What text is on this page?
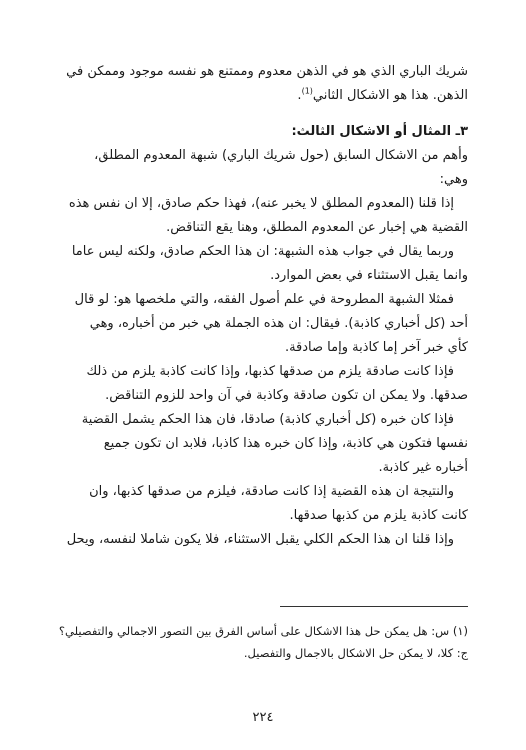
شريك الباري الذي هو في الذهن معدوم وممتنع هو نفسه موجود وممكن في

الذهن. هذا هو الاشكال الثاني$^{(1)}$.

٣ـ المثال أو الاشكال الثالث:

وأهم من الاشكال السابق (حول شريك الباري) شبهة المعدوم المطلق،

وهي:

إذا قلنا (المعدوم المطلق لا يخبر عنه)، فهذا حكم صادق، إلا ان نفس هذه

القضية هي إخبار عن المعدوم المطلق، وهنا يقع التناقض.

وربما يقال في جواب هذه الشبهة: ان هذا الحكم صادق، ولكنه ليس عاما

وانما يقبل الاستثناء في بعض الموارد.

فمثلا الشبهة المطروحة في علم أصول الفقه، والتي ملخصها هو: لو قال

أحد (كل أخباري كاذبة). فيقال: ان هذه الجملة هي خبر من أخباره، وهي

كأي خبر آخر إما كاذبة وإما صادقة.

فإذا كانت صادقة يلزم من صدقها كذبها، وإذا كانت كاذبة يلزم من ذلك

صدقها. ولا يمكن ان تكون صادقة وكاذبة في آن واحد للزوم التناقض.

فإذا كان خبره (كل أخباري كاذبة) صادقا، فان هذا الحكم يشمل القضية

نفسها فتكون هي كاذبة، وإذا كان خبره هذا كاذبا، فلابد ان تكون جميع

أخباره غير كاذبة.

والنتيجة ان هذه القضية إذا كانت صادقة، فيلزم من صدقها كذبها، وان

كانت كاذبة يلزم من كذبها صدقها.

وإذا قلنا ان هذا الحكم الكلي يقبل الاستثناء، فلا يكون شاملا لنفسه، ويحل

(١) س: هل يمكن حل هذا الاشكال على أساس الفرق بين التصور الاجمالي والتفصيلي؟

ج: كلا، لا يمكن حل الاشكال بالاجمال والتفصيل.

٢٢٤
